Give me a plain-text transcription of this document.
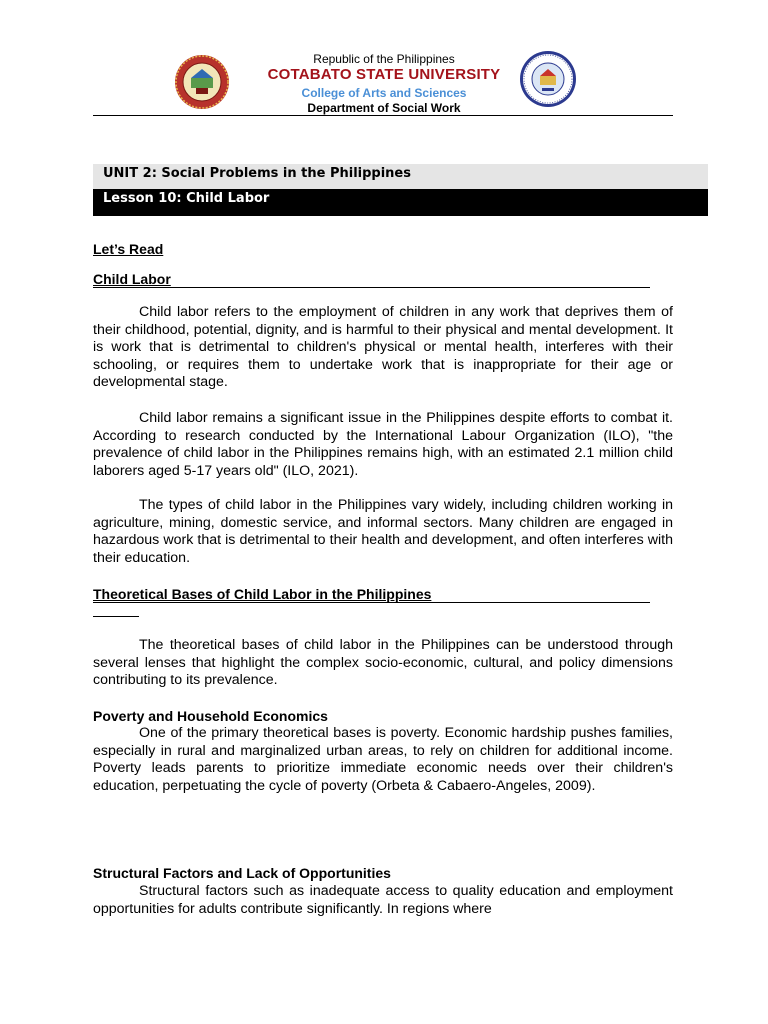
Republic of the Philippines
COTABATO STATE UNIVERSITY
College of Arts and Sciences
Department of Social Work
UNIT 2: Social Problems in the Philippines
Lesson 10: Child Labor
Let’s Read
Child Labor

Child labor refers to the employment of children in any work that deprives them of their childhood, potential, dignity, and is harmful to their physical and mental development. It is work that is detrimental to children's physical or mental health, interferes with their schooling, or requires them to undertake work that is inappropriate for their age or developmental stage.

Child labor remains a significant issue in the Philippines despite efforts to combat it. According to research conducted by the International Labour Organization (ILO), "the prevalence of child labor in the Philippines remains high, with an estimated 2.1 million child laborers aged 5-17 years old" (ILO, 2021).

The types of child labor in the Philippines vary widely, including children working in agriculture, mining, domestic service, and informal sectors. Many children are engaged in hazardous work that is detrimental to their health and development, and often interferes with their education.

Theoretical Bases of Child Labor in the Philippines

The theoretical bases of child labor in the Philippines can be understood through several lenses that highlight the complex socio-economic, cultural, and policy dimensions contributing to its prevalence.

Poverty and Household Economics

One of the primary theoretical bases is poverty. Economic hardship pushes families, especially in rural and marginalized urban areas, to rely on children for additional income. Poverty leads parents to prioritize immediate economic needs over their children's education, perpetuating the cycle of poverty (Orbeta & Cabaero-Angeles, 2009).

Structural Factors and Lack of Opportunities

Structural factors such as inadequate access to quality education and employment opportunities for adults contribute significantly. In regions where
